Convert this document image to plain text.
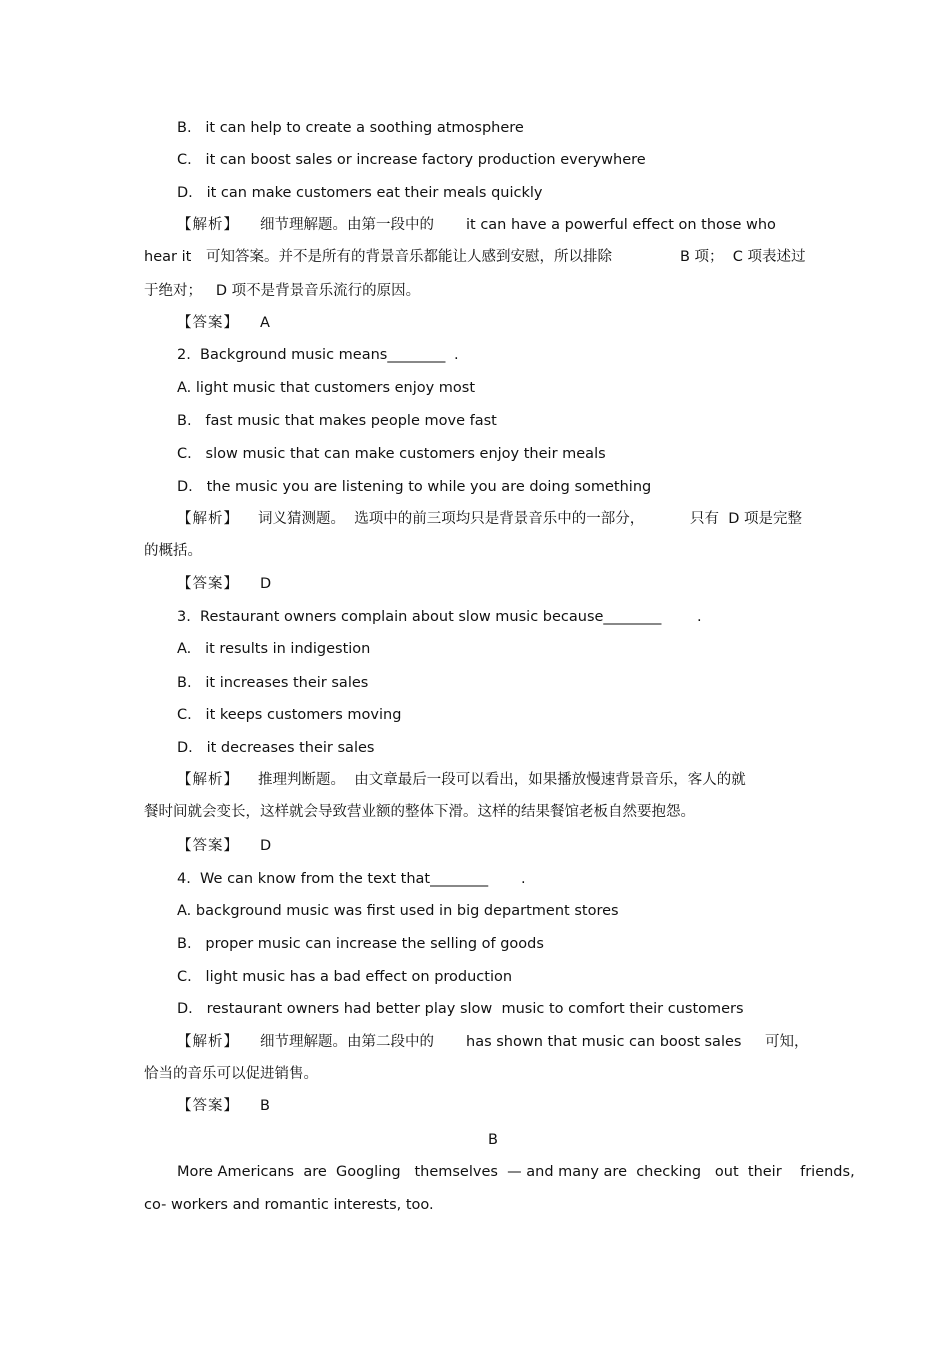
B.   it can help to create a soothing atmosphere
C.   it can boost sales or increase factory production everywhere
D.   it can make customers eat their meals quickly
【解析】 细节理解题。由第一段中的 it can have a powerful effect on those who
hear it 可知答案。并不是所有的背景音乐都能让人感到安慰，所以排除	B 项；  C 项表述过
于绝对；   D 项不是背景音乐流行的原因。
【答案】 A
2.  Background music means________ .
A. light music that customers enjoy most
B.   fast music that makes people move fast
C.   slow music that can make customers enjoy their meals
D.   the music you are listening to while you are doing something
【解析】 词义猜测题。  选项中的前三项均只是背景音乐中的一部分，	只有  D 项是完整
的概括。
【答案】 D
3.  Restaurant owners complain about slow music because________ .
A.   it results in indigestion
B.   it increases their sales
C.   it keeps customers moving
D.   it decreases their sales
【解析】 推理判断题。  由文章最后一段可以看出，如果播放慢速背景音乐，客人的就
餐时间就会变长，这样就会导致营业额的整体下滑。这样的结果餐馆老板自然要抱怨。
【答案】 D
4.  We can know from the text that________ .
A. background music was first used in big department stores
B.   proper music can increase the selling of goods
C.   light music has a bad effect on production
D.   restaurant owners had better play slow  music to comfort their customers
【解析】 细节理解题。由第二段中的 has shown that music can boost sales 可知，
恰当的音乐可以促进销售。
【答案】 B
B
More Americans  are  Googling   themselves  — and many are  checking   out  their    friends,
co- workers and romantic interests, too.
